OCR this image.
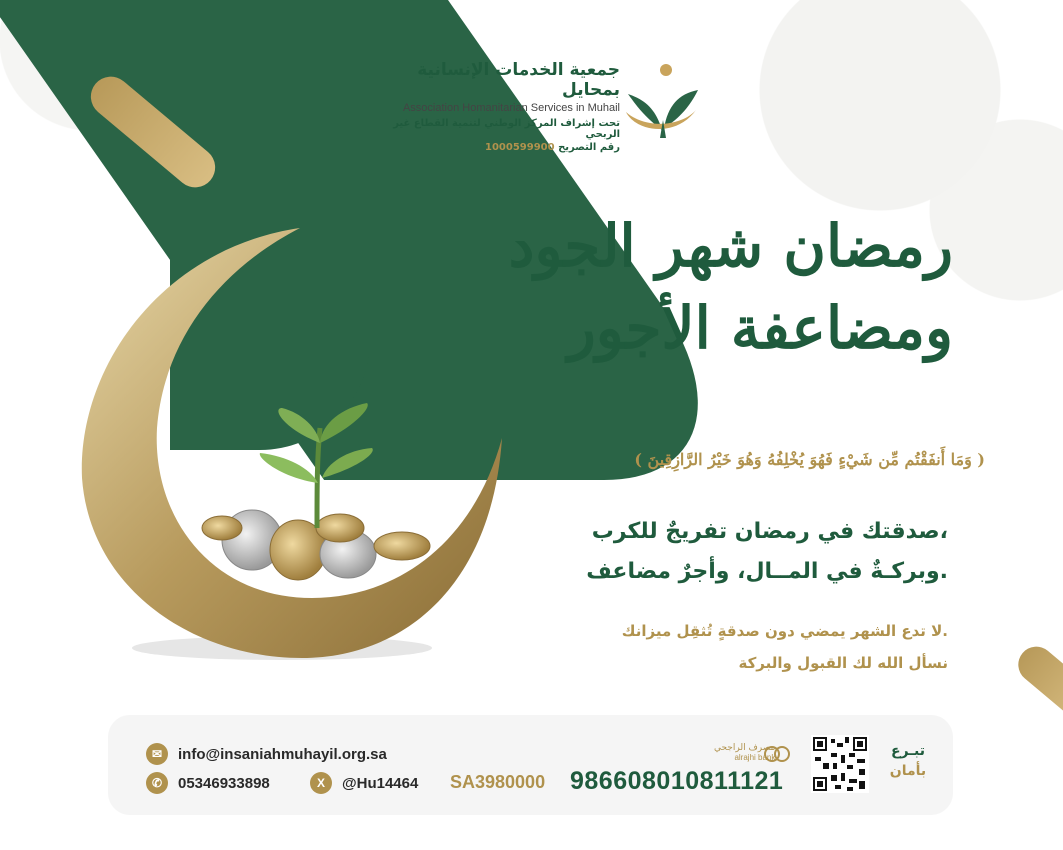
جمعية الخدمات الإنسانية بمحايل
Association Homanitarian Services in Muhail
تحت إشراف المركز الوطني لتنمية القطاع غير الربحي
1000599900 رقم التصريح
رمضان شهر الجود
ومضاعفة الأجور
( وَمَا أَنفَقْتُم مِّن شَيْءٍ فَهُوَ يُخْلِفُهُ وَهُوَ خَيْرُ الرَّازِقِينَ )
صدقتك في رمضان تفريجٌ للكرب،
وبركـةٌ في المــال، وأجرٌ مضاعف.
لا تدع الشهر يمضي دون صدقةٍ تُثقِل ميزانك.
نسأل الله لك القبول والبركة
✉	info@insaniahmuhayil.org.sa
✆	05346933898	X	@Hu14464 SA3980000 986608010811121
مصرف الراجحي
alrajhi bank	تبـرع
بأمان
